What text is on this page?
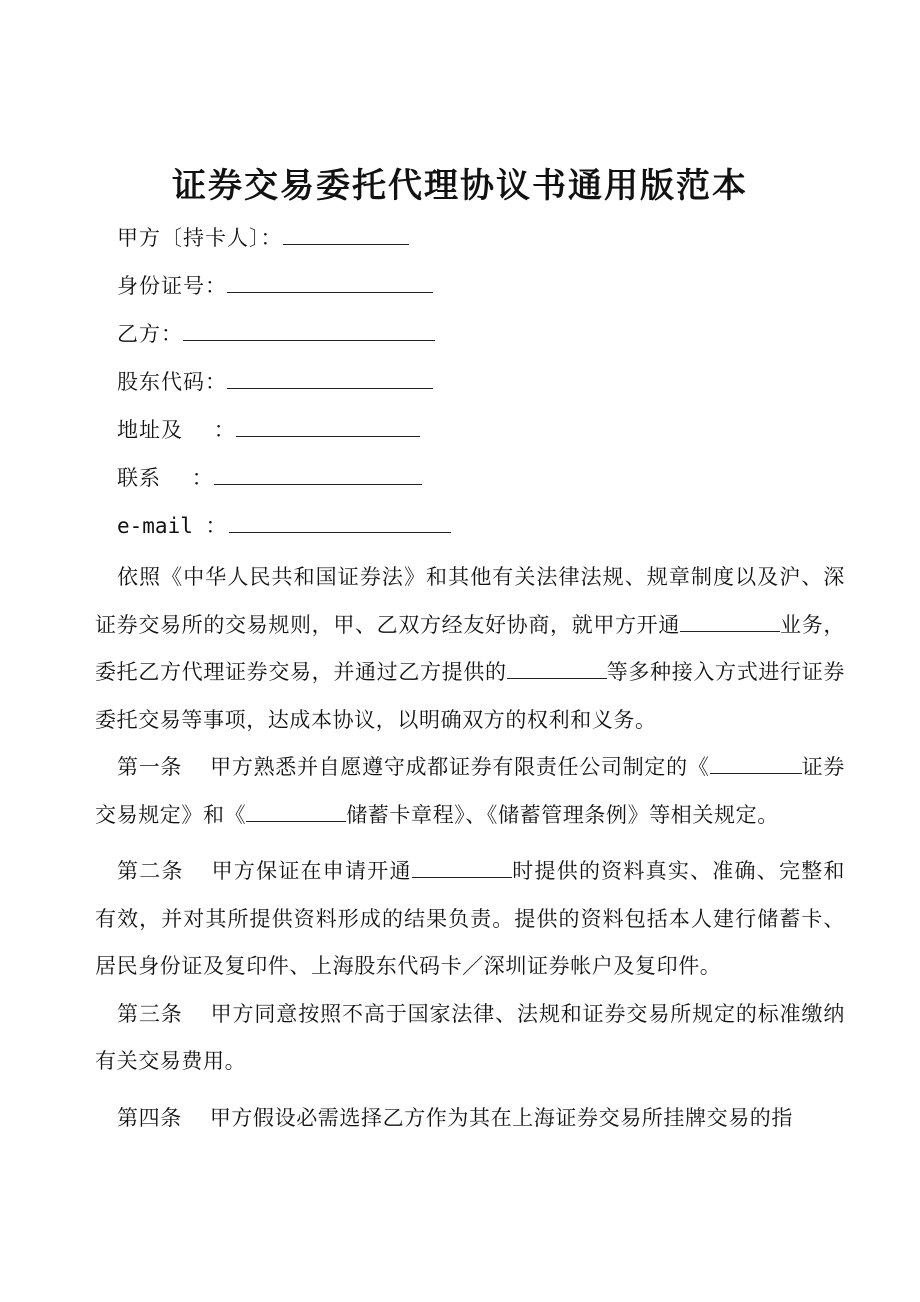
证券交易委托代理协议书通用版范本
甲方〔持卡人〕：
身份证号：
乙方：
股东代码：
地址及    ：
联系    ：
e-mail ：

依照《中华人民共和国证券法》和其他有关法律法规、规章制度以及沪、深证券交易所的交易规则，甲、乙双方经友好协商，就甲方开通	业务，委托乙方代理证券交易，并通过乙方提供的	等多种接入方式进行证券委托交易等事项，达成本协议，以明确双方的权利和义务。

第一条 甲方熟悉并自愿遵守成都证券有限责任公司制定的《	证券交易规定》和《	储蓄卡章程》、《储蓄管理条例》等相关规定。

第二条 甲方保证在申请开通	时提供的资料真实、准确、完整和有效，并对其所提供资料形成的结果负责。提供的资料包括本人建行储蓄卡、居民身份证及复印件、上海股东代码卡／深圳证券帐户及复印件。

第三条 甲方同意按照不高于国家法律、法规和证券交易所规定的标准缴纳有关交易费用。

第四条 甲方假设必需选择乙方作为其在上海证券交易所挂牌交易的指
